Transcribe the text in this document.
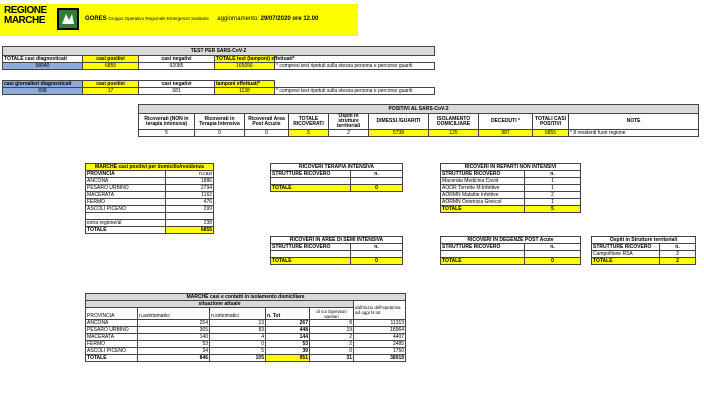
REGIONE MARCHE	GORES Gruppo Operativo Regionale Emergenze Sanitarie aggiornamento: 29/07/2020 ore 12.00
TEST PER SARS-CoV-2				
TOTALE casi diagnosticati	casi positivi	casi negativi	TOTALE test (tamponi) effettuati*	
98940	6855	92085	165056	* compresi test ripetuti sulla stessa persona e percorso guariti
casi giornalieri diagnosticati	casi positivi	casi negativi	tamponi effettuati*	
698	17	681	1138	* compresi test ripetuti sulla stessa persona e percorso guariti
POSITIVI AL SARS-CoV-2									
Ricoverati (NON in terapia intensiva)	Ricoverati in Terapia Intensiva	Ricoverati Area Post Acuzie	TOTALE RICOVERATI	Ospiti in strutture territoriali	DIMESSI /GUARITI	ISOLAMENTO DOMICILIARE	DECEDUTI *	TOTALI CASI POSITIVI	NOTE
5	0	0	5	2	5738	125	987	6855	* 8 residenti fuori regione
MARCHE casi positivi per domicilio/residenza	
PROVINCIA	n.casi
ANCONA	1886
PESARO URBINO	2794
MACERATA	1162
FERMO	476
ASCOLI PICENO	299

extra regione/al	238
TOTALE	6855
RICOVERI TERAPIA INTENSIVA	
STRUTTURE RICOVERO	n.

TOTALE	0
RICOVERI IN REPARTI NON INTENSIVI	
STRUTTURE RICOVERO	n.
Macerata Medicina Covid	1
AOOR Torrette M.Infettive	1
AORMN Malattie Infettive	2
AORMN Ostetricia Ginecol	1
TOTALE	5
RICOVERI IN AREE DI SEMI INTENSIVA	
STRUTTURE RICOVERO	n.

TOTALE	0
RICOVERI IN DEGENZE POST Acute	
STRUTTURE RICOVERO	n.

TOTALE	0
Ospiti in Strutture territoriali	
STRUTTURE RICOVERO	n.
Campofilone RSA	2
TOTALE	2
MARCHE casi e contatti in isolamento domiciliare					
situazione attuale					dall'inizio dell'epidemia ad oggi N.tot
PROVINCIA	n.asintomatici	n.sintomatici	n. Tot	di cui Operatori sanitari	
ANCONA	254	13	267	8	11313
PESARO URBINO	365	83	448	19	18964
MACERATA	140	4	144	2	4407
FERMO	53	0	53	2	2485
ASCOLI PICENO	34	5	39	0	1750
TOTALE	846	105	951	31	38919
